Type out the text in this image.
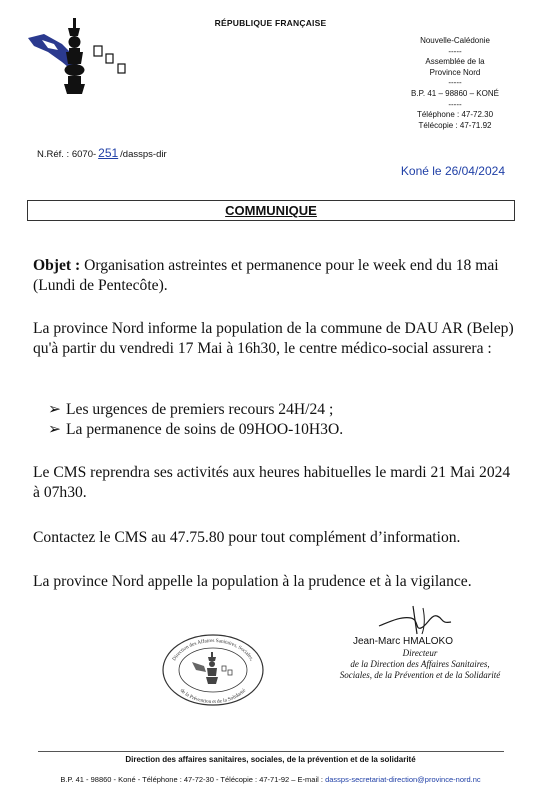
RÉPUBLIQUE FRANÇAISE
Nouvelle-Calédonie
-----
Assemblée de la
Province Nord
-----
B.P. 41 – 98860 – KONÉ
-----
Téléphone : 47-72.30
Télécopie : 47-71.92
N.Réf. : 6070- 251 /dassps-dir
Koné le 26/04/2024
COMMUNIQUE
Objet : Organisation astreintes et permanence pour le week end du 18 mai (Lundi de Pentecôte).
La province Nord informe la population de la commune de DAU AR (Belep) qu'à partir du vendredi 17 Mai à 16h30, le centre médico-social assurera :
➢ Les urgences de premiers recours 24H/24 ;
➢ La permanence de soins de 09HOO-10H3O.
Le CMS reprendra ses activités aux heures habituelles le mardi 21 Mai 2024 à 07h30.
Contactez le CMS au 47.75.80 pour tout complément d’information.
La province Nord appelle la population à la prudence et à la vigilance.
Jean-Marc HMALOKO
Directeur
de la Direction des Affaires Sanitaires,
Sociales, de la Prévention et de la Solidarité
Direction des Affaires Sanitaires, Sociales,
de la Prévention et de la Solidarité
Direction des affaires sanitaires, sociales, de la prévention et de la solidarité
B.P. 41 - 98860 - Koné - Téléphone : 47-72-30 - Télécopie : 47-71-92 – E-mail : dassps-secretariat-direction@province-nord.nc
